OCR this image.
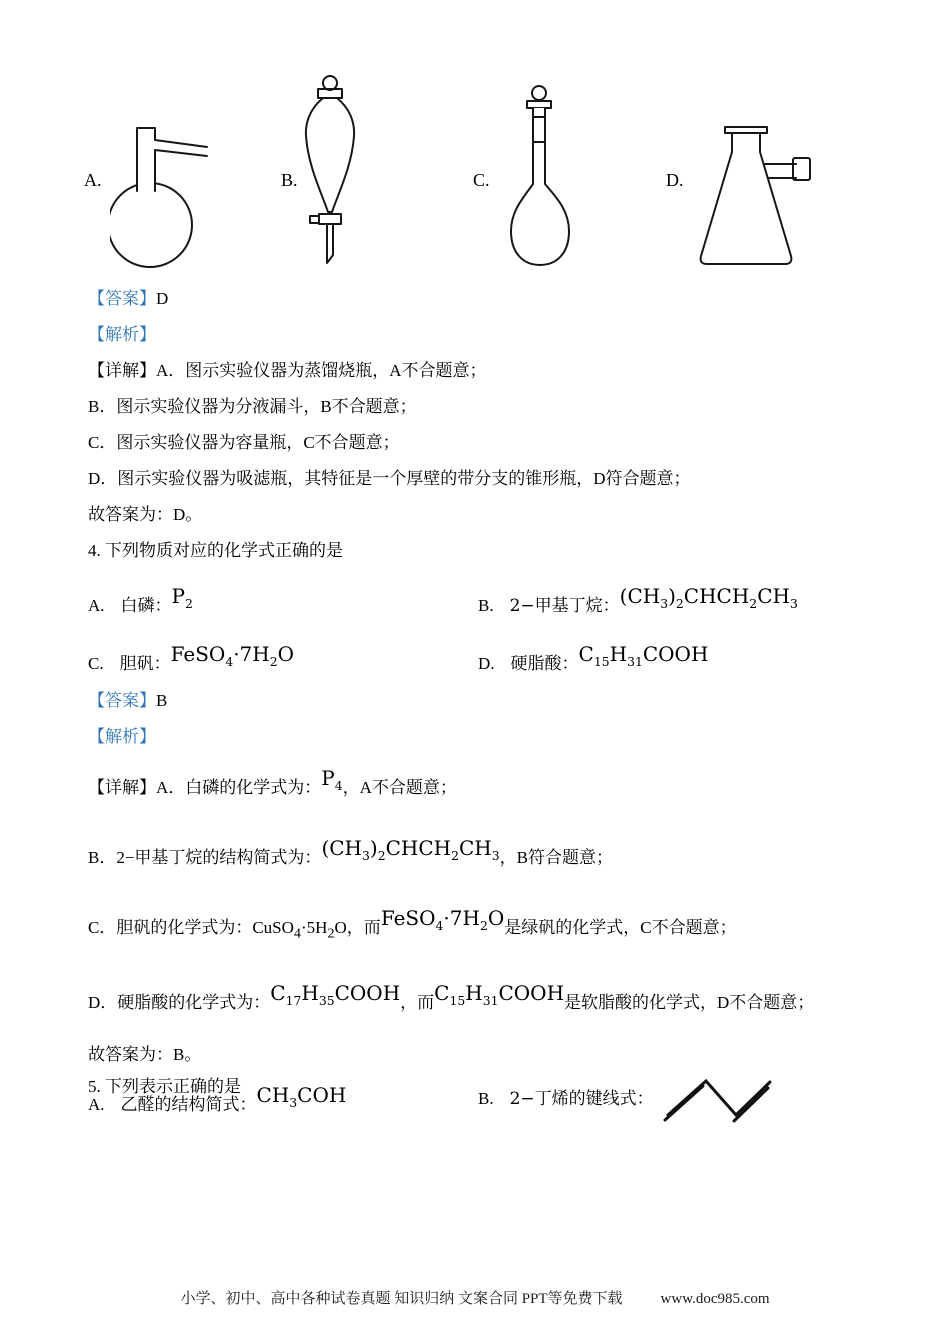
A.	B.	C.	D.

【答案】D

【解析】

【详解】A．图示实验仪器为蒸馏烧瓶，A不合题意；

B．图示实验仪器为分液漏斗，B不合题意；

C．图示实验仪器为容量瓶，C不合题意；

D．图示实验仪器为吸滤瓶，其特征是一个厚壁的带分支的锥形瓶，D符合题意；

故答案为：D。

4. 下列物质对应的化学式正确的是

A. 白磷：$P_2$	B. 2−甲基丁烷：$(CH_3)_2CHCH_2CH_3$
C. 胆矾：$FeSO_4\cdot 7H_2O$	D. 硬脂酸：$C_{15}H_{31}COOH$

【答案】B

【解析】

【详解】A．白磷的化学式为：$P_4$，A不合题意；
B．2−甲基丁烷的结构简式为：$(CH_3)_2CHCH_2CH_3$，B符合题意；
C．胆矾的化学式为：$CuSO_4\cdot 5H_2O$，而$FeSO_4\cdot 7H_2O$是绿矾的化学式，C不合题意；
D．硬脂酸的化学式为：$C_{17}H_{35}COOH$，而$C_{15}H_{31}COOH$是软脂酸的化学式，D不合题意；

故答案为：B。

5. 下列表示正确的是

A. 乙醛的结构简式：$CH_3COH$	B. 2−丁烯的键线式：
小学、初中、高中各种试卷真题 知识归纳 文案合同 PPT等免费下载	www.doc985.com
